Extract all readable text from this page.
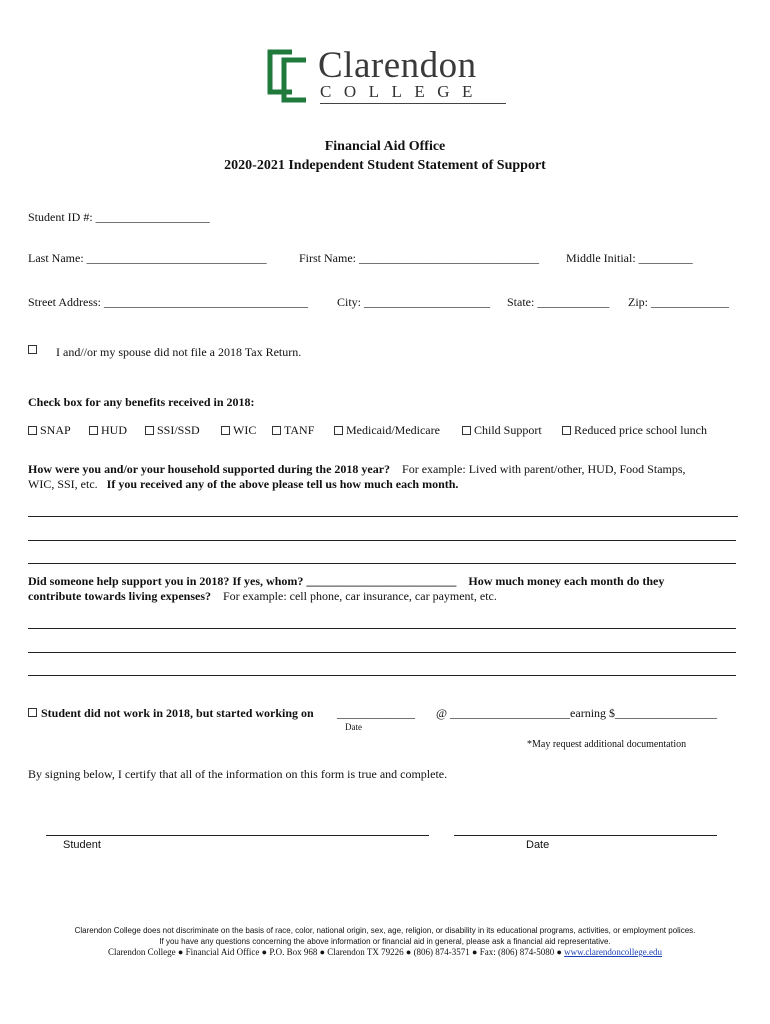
Clarendon
COLLEGE
Financial Aid Office
2020-2021 Independent Student Statement of Support
Student ID #: ___________________
Last Name: ______________________________	First Name: ______________________________ Middle Initial: _________
Street Address: __________________________________ City: _____________________ State: ____________ Zip: _____________
I and//or my spouse did not file a 2018 Tax Return.
Check box for any benefits received in 2018:
SNAP	HUD	SSI/SSD	WIC	TANF	Medicaid/Medicare	Child Support	Reduced price school lunch
How were you and/or your household supported during the 2018 year? For example: Lived with parent/other, HUD, Food Stamps,
WIC, SSI, etc. If you received any of the above please tell us how much each month.
Did someone help support you in 2018? If yes, whom? _________________________ How much money each month do they
contribute towards living expenses? For example: cell phone, car insurance, car payment, etc.
Student did not work in 2018, but started working on _____________ @ ____________________earning $_________________
Date
*May request additional documentation
By signing below, I certify that all of the information on this form is true and complete.
Student	Date
Clarendon College does not discriminate on the basis of race, color, national origin, sex, age, religion, or disability in its educational programs, activities, or employment polices.
If you have any questions concerning the above information or financial aid in general, please ask a financial aid representative.
Clarendon College ● Financial Aid Office ● P.O. Box 968 ● Clarendon TX 79226 ● (806) 874-3571 ● Fax: (806) 874-5080 ● www.clarendoncollege.edu
